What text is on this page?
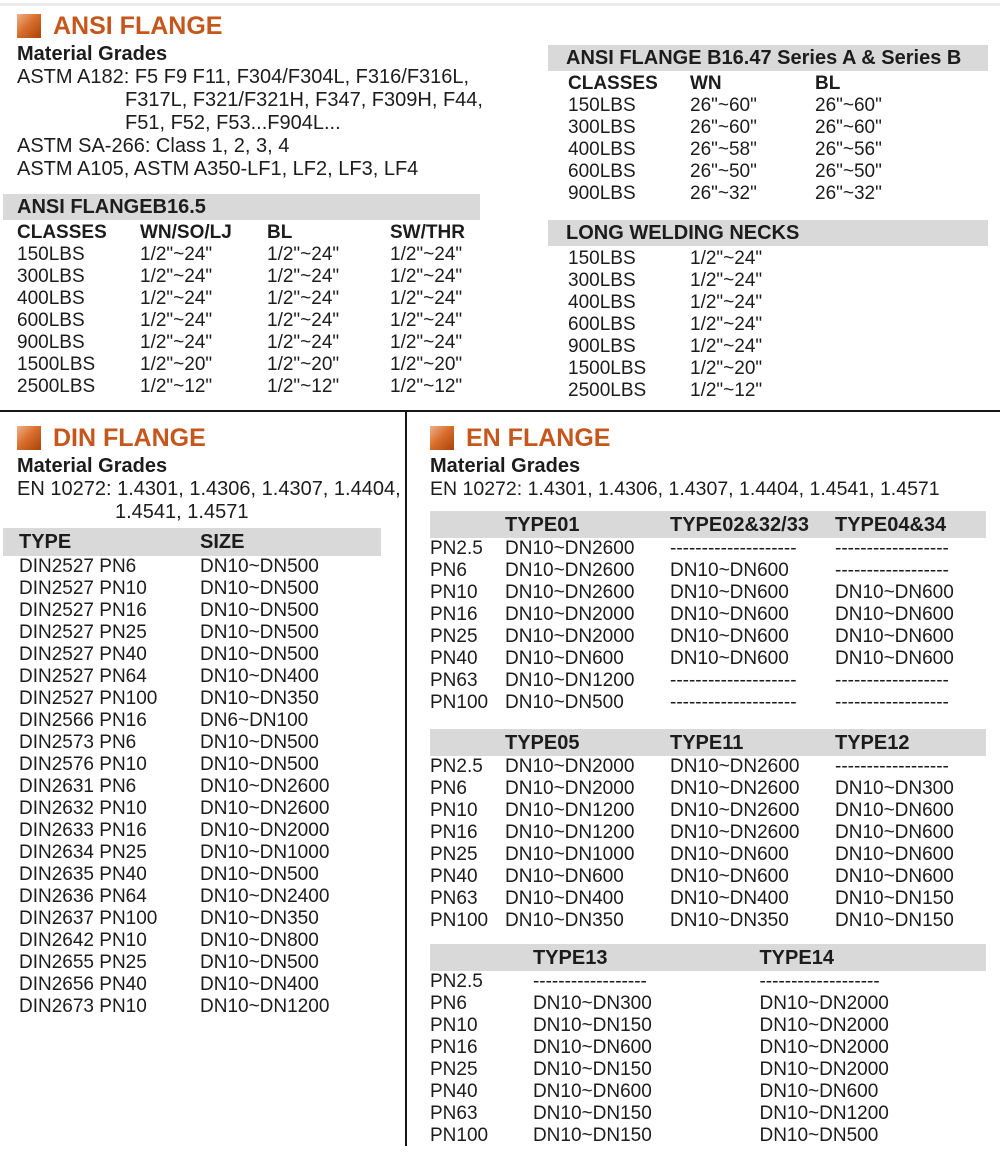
ANSI FLANGE
Material Grades
ASTM A182: F5 F9 F11, F304/F304L, F316/F316L,
F317L, F321/F321H, F347, F309H, F44,
F51, F52, F53...F904L...
ASTM SA-266: Class 1, 2, 3, 4
ASTM A105, ASTM A350-LF1, LF2, LF3, LF4
ANSI FLANGE B16.47 Series A & Series B
CLASSES	WN	BL
150LBS	26"~60"	26"~60"
300LBS	26"~60"	26"~60"
400LBS	26"~58"	26"~56"
600LBS	26"~50"	26"~50"
900LBS	26"~32"	26"~32"
ANSI FLANGEB16.5
CLASSES	WN/SO/LJ	BL	SW/THR
150LBS	1/2"~24"	1/2"~24"	1/2"~24"
300LBS	1/2"~24"	1/2"~24"	1/2"~24"
400LBS	1/2"~24"	1/2"~24"	1/2"~24"
600LBS	1/2"~24"	1/2"~24"	1/2"~24"
900LBS	1/2"~24"	1/2"~24"	1/2"~24"
1500LBS	1/2"~20"	1/2"~20"	1/2"~20"
2500LBS	1/2"~12"	1/2"~12"	1/2"~12"
LONG WELDING NECKS
150LBS	1/2"~24"
300LBS	1/2"~24"
400LBS	1/2"~24"
600LBS	1/2"~24"
900LBS	1/2"~24"
1500LBS	1/2"~20"
2500LBS	1/2"~12"
DIN FLANGE
Material Grades
EN 10272: 1.4301, 1.4306, 1.4307, 1.4404,
1.4541, 1.4571
TYPE	SIZE
DIN2527 PN6	DN10~DN500
DIN2527 PN10	DN10~DN500
DIN2527 PN16	DN10~DN500
DIN2527 PN25	DN10~DN500
DIN2527 PN40	DN10~DN500
DIN2527 PN64	DN10~DN400
DIN2527 PN100	DN10~DN350
DIN2566 PN16	DN6~DN100
DIN2573 PN6	DN10~DN500
DIN2576 PN10	DN10~DN500
DIN2631 PN6	DN10~DN2600
DIN2632 PN10	DN10~DN2600
DIN2633 PN16	DN10~DN2000
DIN2634 PN25	DN10~DN1000
DIN2635 PN40	DN10~DN500
DIN2636 PN64	DN10~DN2400
DIN2637 PN100	DN10~DN350
DIN2642 PN10	DN10~DN800
DIN2655 PN25	DN10~DN500
DIN2656 PN40	DN10~DN400
DIN2673 PN10	DN10~DN1200
EN FLANGE
Material Grades
EN 10272: 1.4301, 1.4306, 1.4307, 1.4404, 1.4541, 1.4571
	TYPE01	TYPE02&32/33	TYPE04&34
PN2.5	DN10~DN2600	--------------------	------------------
PN6	DN10~DN2600	DN10~DN600	------------------
PN10	DN10~DN2600	DN10~DN600	DN10~DN600
PN16	DN10~DN2000	DN10~DN600	DN10~DN600
PN25	DN10~DN2000	DN10~DN600	DN10~DN600
PN40	DN10~DN600	DN10~DN600	DN10~DN600
PN63	DN10~DN1200	--------------------	------------------
PN100	DN10~DN500	--------------------	------------------
	TYPE05	TYPE11	TYPE12
PN2.5	DN10~DN2000	DN10~DN2600	------------------
PN6	DN10~DN2000	DN10~DN2600	DN10~DN300
PN10	DN10~DN1200	DN10~DN2600	DN10~DN600
PN16	DN10~DN1200	DN10~DN2600	DN10~DN600
PN25	DN10~DN1000	DN10~DN600	DN10~DN600
PN40	DN10~DN600	DN10~DN600	DN10~DN600
PN63	DN10~DN400	DN10~DN400	DN10~DN150
PN100	DN10~DN350	DN10~DN350	DN10~DN150
	TYPE13	TYPE14
PN2.5	------------------	-------------------
PN6	DN10~DN300	DN10~DN2000
PN10	DN10~DN150	DN10~DN2000
PN16	DN10~DN600	DN10~DN2000
PN25	DN10~DN150	DN10~DN2000
PN40	DN10~DN600	DN10~DN600
PN63	DN10~DN150	DN10~DN1200
PN100	DN10~DN150	DN10~DN500
